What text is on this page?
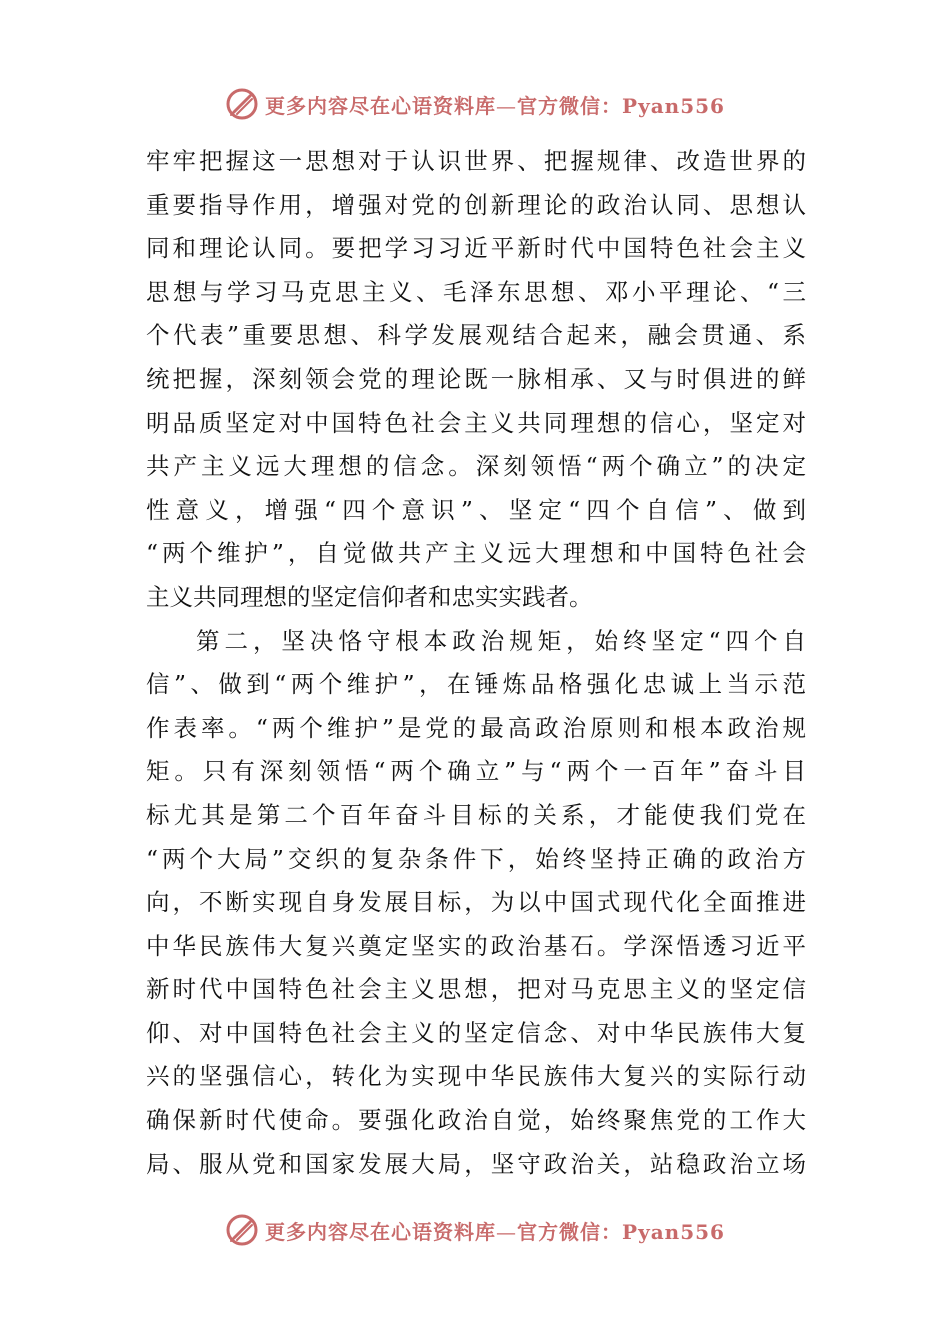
更多内容尽在心语资料库—官方微信：Pyan556
牢牢把握这一思想对于认识世界、把握规律、改造世界的
重要指导作用，增强对党的创新理论的政治认同、思想认
同和理论认同。要把学习习近平新时代中国特色社会主义
思想与学习马克思主义、毛泽东思想、邓小平理论、“三
个代表”重要思想、科学发展观结合起来，融会贯通、系
统把握，深刻领会党的理论既一脉相承、又与时俱进的鲜
明品质坚定对中国特色社会主义共同理想的信心，坚定对
共产主义远大理想的信念。深刻领悟“两个确立”的决定
性意义，增强“四个意识”、坚定“四个自信”、做到
“两个维护”，自觉做共产主义远大理想和中国特色社会
主义共同理想的坚定信仰者和忠实实践者。
第二，坚决恪守根本政治规矩，始终坚定“四个自
信”、做到“两个维护”，在锤炼品格强化忠诚上当示范
作表率。“两个维护”是党的最高政治原则和根本政治规
矩。只有深刻领悟“两个确立”与“两个一百年”奋斗目
标尤其是第二个百年奋斗目标的关系，才能使我们党在
“两个大局”交织的复杂条件下，始终坚持正确的政治方
向，不断实现自身发展目标，为以中国式现代化全面推进
中华民族伟大复兴奠定坚实的政治基石。学深悟透习近平
新时代中国特色社会主义思想，把对马克思主义的坚定信
仰、对中国特色社会主义的坚定信念、对中华民族伟大复
兴的坚强信心，转化为实现中华民族伟大复兴的实际行动
确保新时代使命。要强化政治自觉，始终聚焦党的工作大
局、服从党和国家发展大局，坚守政治关，站稳政治立场
更多内容尽在心语资料库—官方微信：Pyan556
